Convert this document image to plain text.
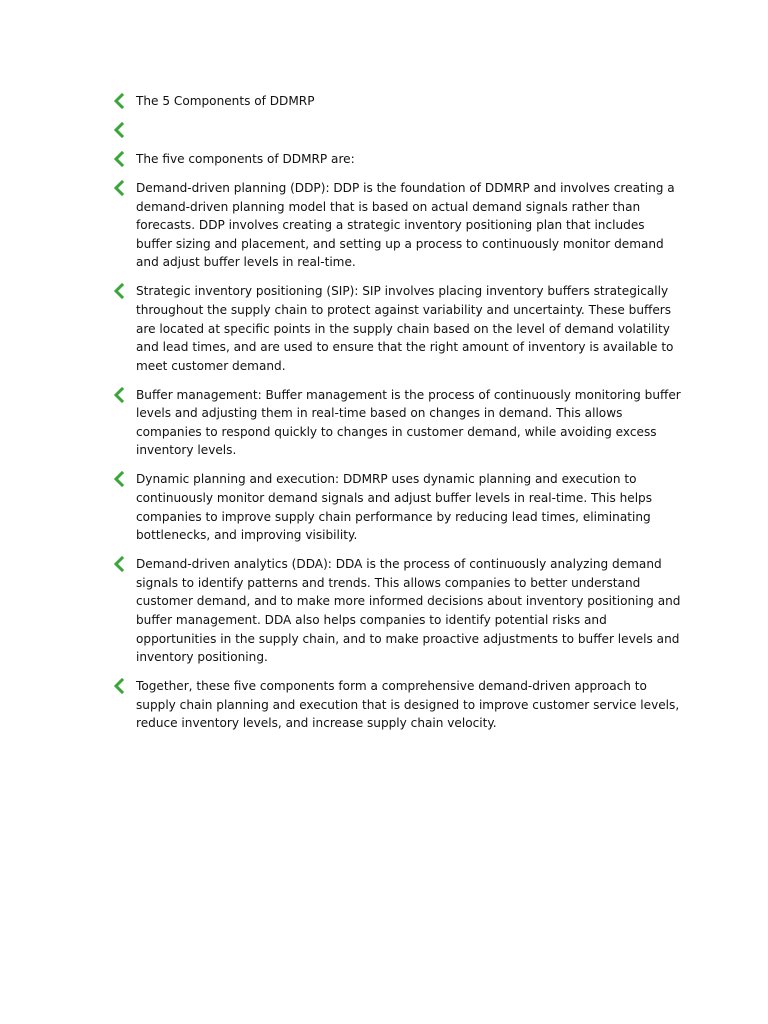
The 5 Components of DDMRP
The five components of DDMRP are:
Demand-driven planning (DDP): DDP is the foundation of DDMRP and involves creating a demand-driven planning model that is based on actual demand signals rather than forecasts. DDP involves creating a strategic inventory positioning plan that includes buffer sizing and placement, and setting up a process to continuously monitor demand and adjust buffer levels in real-time.
Strategic inventory positioning (SIP): SIP involves placing inventory buffers strategically throughout the supply chain to protect against variability and uncertainty. These buffers are located at specific points in the supply chain based on the level of demand volatility and lead times, and are used to ensure that the right amount of inventory is available to meet customer demand.
Buffer management: Buffer management is the process of continuously monitoring buffer levels and adjusting them in real-time based on changes in demand. This allows companies to respond quickly to changes in customer demand, while avoiding excess inventory levels.
Dynamic planning and execution: DDMRP uses dynamic planning and execution to continuously monitor demand signals and adjust buffer levels in real-time. This helps companies to improve supply chain performance by reducing lead times, eliminating bottlenecks, and improving visibility.
Demand-driven analytics (DDA): DDA is the process of continuously analyzing demand signals to identify patterns and trends. This allows companies to better understand customer demand, and to make more informed decisions about inventory positioning and buffer management. DDA also helps companies to identify potential risks and opportunities in the supply chain, and to make proactive adjustments to buffer levels and inventory positioning.
Together, these five components form a comprehensive demand-driven approach to supply chain planning and execution that is designed to improve customer service levels, reduce inventory levels, and increase supply chain velocity.
